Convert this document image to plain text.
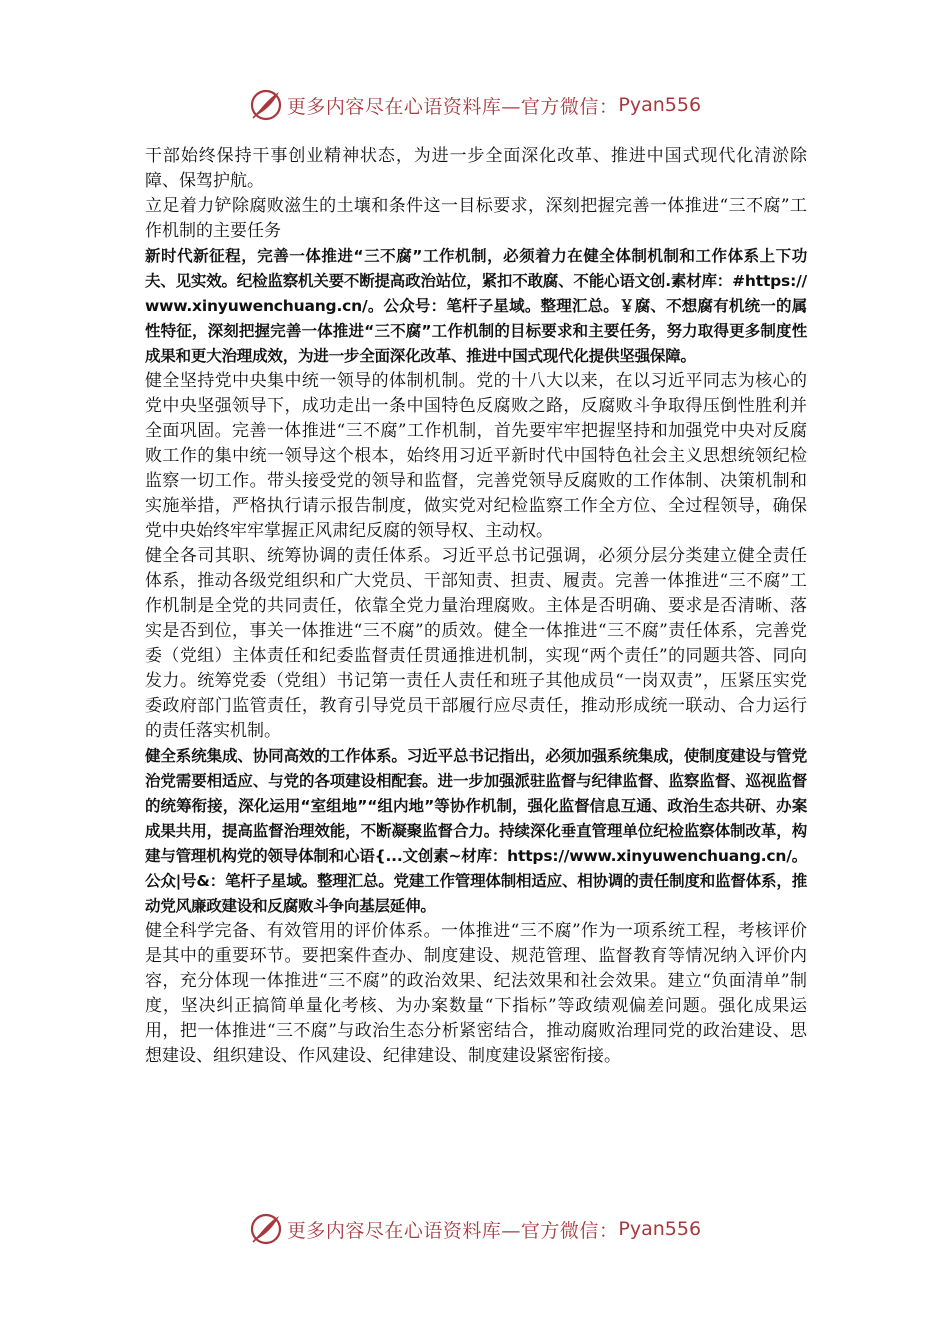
更多内容尽在心语资料库—官方微信： Pyan556

干部始终保持干事创业精神状态，为进一步全面深化改革、推进中国式现代化清淤除障、保驾护航。

立足着力铲除腐败滋生的土壤和条件这一目标要求，深刻把握完善一体推进“三不腐”工作机制的主要任务

新时代新征程，完善一体推进“三不腐”工作机制，必须着力在健全体制机制和工作体系上下功夫、见实效。纪检监察机关要不断提高政治站位，紧扣不敢腐、不能心语文创.素材库：#https://www.xinyuwenchuang.cn/。公众号：笔杆子星域。整理汇总。￥腐、不想腐有机统一的属性特征，深刻把握完善一体推进“三不腐”工作机制的目标要求和主要任务，努力取得更多制度性成果和更大治理成效，为进一步全面深化改革、推进中国式现代化提供坚强保障。

健全坚持党中央集中统一领导的体制机制。党的十八大以来，在以习近平同志为核心的党中央坚强领导下，成功走出一条中国特色反腐败之路，反腐败斗争取得压倒性胜利并全面巩固。完善一体推进“三不腐”工作机制，首先要牢牢把握坚持和加强党中央对反腐败工作的集中统一领导这个根本，始终用习近平新时代中国特色社会主义思想统领纪检监察一切工作。带头接受党的领导和监督，完善党领导反腐败的工作体制、决策机制和实施举措，严格执行请示报告制度，做实党对纪检监察工作全方位、全过程领导，确保党中央始终牢牢掌握正风肃纪反腐的领导权、主动权。

健全各司其职、统筹协调的责任体系。习近平总书记强调，必须分层分类建立健全责任体系，推动各级党组织和广大党员、干部知责、担责、履责。完善一体推进“三不腐”工作机制是全党的共同责任，依靠全党力量治理腐败。主体是否明确、要求是否清晰、落实是否到位，事关一体推进“三不腐”的质效。健全一体推进“三不腐”责任体系，完善党委（党组）主体责任和纪委监督责任贯通推进机制，实现“两个责任”的同题共答、同向发力。统筹党委（党组）书记第一责任人责任和班子其他成员“一岗双责”，压紧压实党委政府部门监管责任，教育引导党员干部履行应尽责任，推动形成统一联动、合力运行的责任落实机制。

健全系统集成、协同高效的工作体系。习近平总书记指出，必须加强系统集成，使制度建设与管党治党需要相适应、与党的各项建设相配套。进一步加强派驻监督与纪律监督、监察监督、巡视监督的统筹衔接，深化运用“室组地”“组内地”等协作机制，强化监督信息互通、政治生态共研、办案成果共用，提高监督治理效能，不断凝聚监督合力。持续深化垂直管理单位纪检监察体制改革，构建与管理机构党的领导体制和心语{...文创素~材库：https://www.xinyuwenchuang.cn/。公众|号&：笔杆子星域。整理汇总。党建工作管理体制相适应、相协调的责任制度和监督体系，推动党风廉政建设和反腐败斗争向基层延伸。

健全科学完备、有效管用的评价体系。一体推进“三不腐”作为一项系统工程，考核评价是其中的重要环节。要把案件查办、制度建设、规范管理、监督教育等情况纳入评价内容，充分体现一体推进“三不腐”的政治效果、纪法效果和社会效果。建立“负面清单”制度，坚决纠正搞简单量化考核、为办案数量“下指标”等政绩观偏差问题。强化成果运用，把一体推进“三不腐”与政治生态分析紧密结合，推动腐败治理同党的政治建设、思想建设、组织建设、作风建设、纪律建设、制度建设紧密衔接。

更多内容尽在心语资料库—官方微信： Pyan556
